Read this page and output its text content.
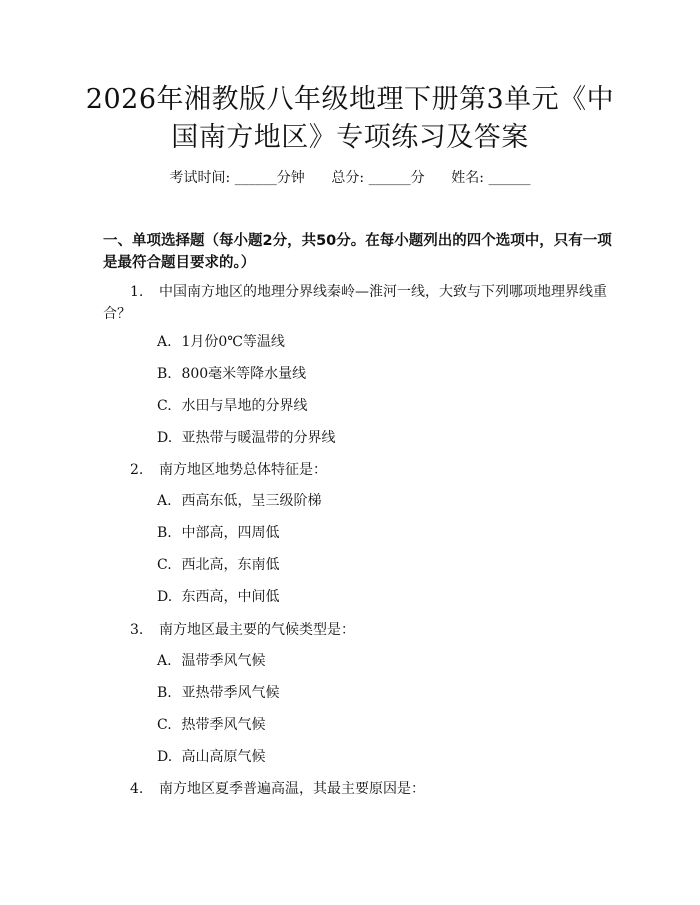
2026年湘教版八年级地理下册第3单元《中
国南方地区》专项练习及答案
考试时间: ______分钟      总分: ______分      姓名: ______
一、单项选择题（每小题2分，共50分。在每小题列出的四个选项中，只有一项
是最符合题目要求的。）
1. 中国南方地区的地理分界线秦岭—淮河一线，大致与下列哪项地理界线重
合？
A. 1月份0℃等温线
B. 800毫米等降水量线
C. 水田与旱地的分界线
D. 亚热带与暖温带的分界线
2. 南方地区地势总体特征是：
A. 西高东低，呈三级阶梯
B. 中部高，四周低
C. 西北高，东南低
D. 东西高，中间低
3. 南方地区最主要的气候类型是：
A. 温带季风气候
B. 亚热带季风气候
C. 热带季风气候
D. 高山高原气候
4. 南方地区夏季普遍高温，其最主要原因是：
